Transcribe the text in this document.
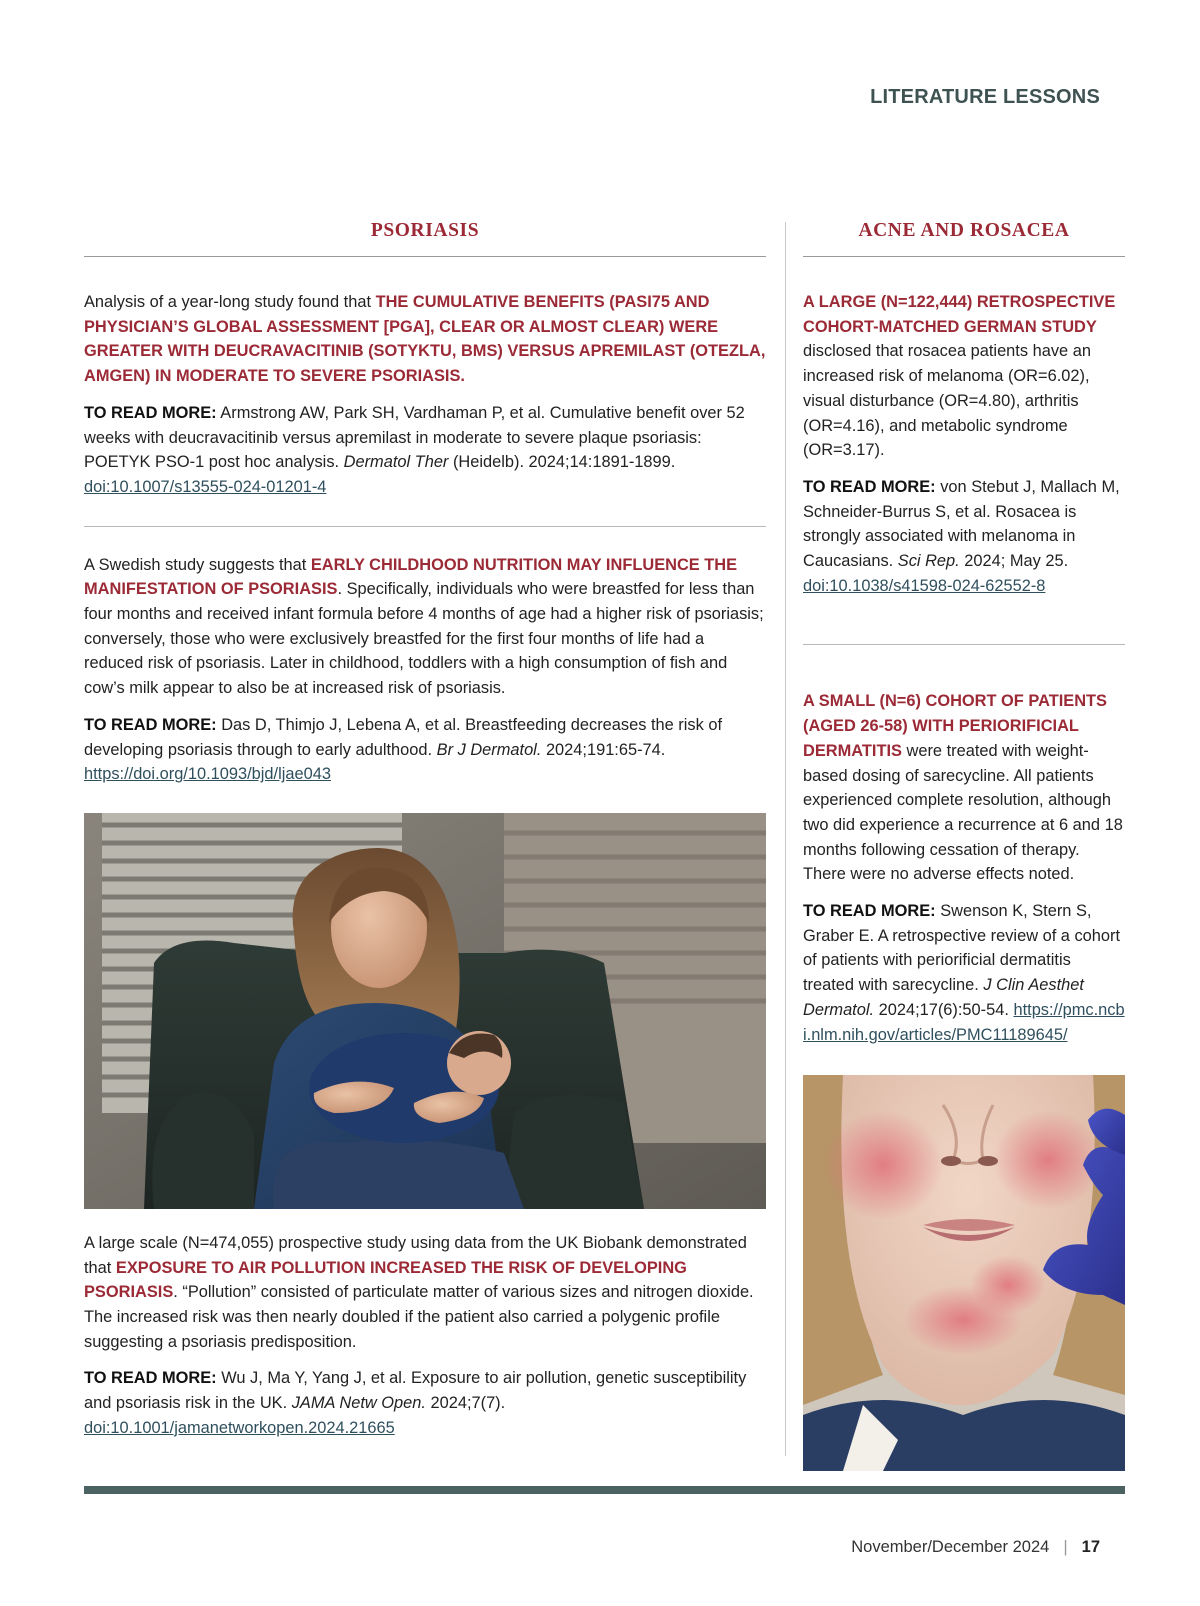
LITERATURE LESSONS
PSORIASIS

Analysis of a year-long study found that THE CUMULATIVE BENEFITS (PASI75 AND PHYSICIAN’S GLOBAL ASSESSMENT [PGA], CLEAR OR ALMOST CLEAR) WERE GREATER WITH DEUCRAVACITINIB (SOTYKTU, BMS) VERSUS APREMILAST (OTEZLA, AMGEN) IN MODERATE TO SEVERE PSORIASIS.

TO READ MORE: Armstrong AW, Park SH, Vardhaman P, et al. Cumulative benefit over 52 weeks with deucravacitinib versus apremilast in moderate to severe plaque psoriasis: POETYK PSO-1 post hoc analysis. Dermatol Ther (Heidelb). 2024;14:1891-1899.
doi:10.1007/s13555-024-01201-4

A Swedish study suggests that EARLY CHILDHOOD NUTRITION MAY INFLUENCE THE MANIFESTATION OF PSORIASIS. Specifically, individuals who were breastfed for less than four months and received infant formula before 4 months of age had a higher risk of psoriasis; conversely, those who were exclusively breastfed for the first four months of life had a reduced risk of psoriasis. Later in childhood, toddlers with a high consumption of fish and cow’s milk appear to also be at increased risk of psoriasis.

TO READ MORE: Das D, Thimjo J, Lebena A, et al. Breastfeeding decreases the risk of developing psoriasis through to early adulthood. Br J Dermatol. 2024;191:65-74.
https://doi.org/10.1093/bjd/ljae043

A large scale (N=474,055) prospective study using data from the UK Biobank demonstrated that EXPOSURE TO AIR POLLUTION INCREASED THE RISK OF DEVELOPING PSORIASIS. “Pollution” consisted of particulate matter of various sizes and nitrogen dioxide. The increased risk was then nearly doubled if the patient also carried a polygenic profile suggesting a psoriasis predisposition.

TO READ MORE: Wu J, Ma Y, Yang J, et al. Exposure to air pollution, genetic susceptibility and psoriasis risk in the UK. JAMA Netw Open. 2024;7(7).
doi:10.1001/jamanetworkopen.2024.21665

ACNE AND ROSACEA

A LARGE (N=122,444) RETROSPECTIVE COHORT-MATCHED GERMAN STUDY disclosed that rosacea patients have an increased risk of melanoma (OR=6.02), visual disturbance (OR=4.80), arthritis (OR=4.16), and metabolic syndrome (OR=3.17).

TO READ MORE: von Stebut J, Mallach M, Schneider-Burrus S, et al. Rosacea is strongly associated with melanoma in Caucasians. Sci Rep. 2024; May 25.
doi:10.1038/s41598-024-62552-8

A SMALL (N=6) COHORT OF PATIENTS (AGED 26-58) WITH PERIORIFICIAL DERMATITIS were treated with weight-based dosing of sarecycline. All patients experienced complete resolution, although two did experience a recurrence at 6 and 18 months following cessation of therapy. There were no adverse effects noted.

TO READ MORE: Swenson K, Stern S, Graber E. A retrospective review of a cohort of patients with periorificial dermatitis treated with sarecycline. J Clin Aesthet Dermatol. 2024;17(6):50-54. https://pmc.ncbi.nlm.nih.gov/articles/PMC11189645/

November/December 2024 | 17
